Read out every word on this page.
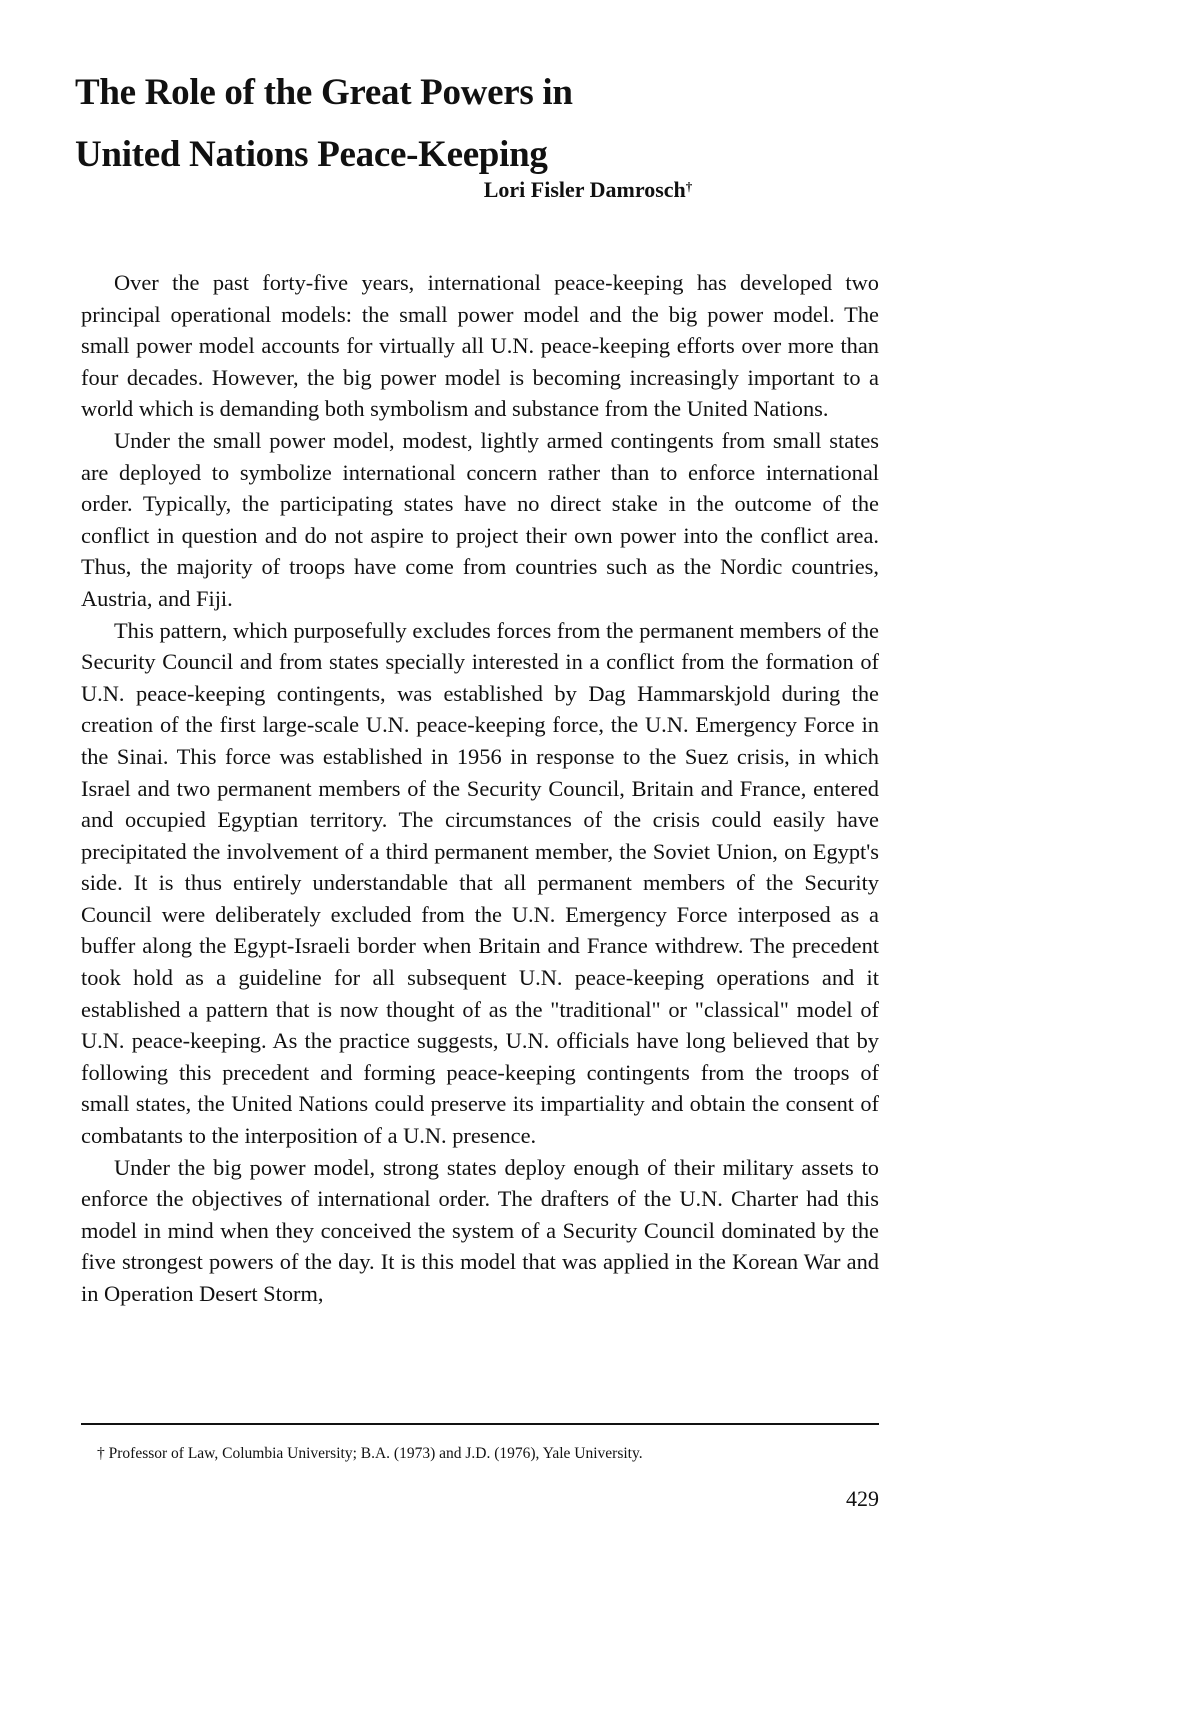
The Role of the Great Powers in
United Nations Peace-Keeping
Lori Fisler Damrosch†

Over the past forty-five years, international peace-keeping has developed two principal operational models: the small power model and the big power model. The small power model accounts for virtually all U.N. peace-keeping efforts over more than four decades. However, the big power model is becoming increasingly important to a world which is demanding both symbolism and substance from the United Nations.

Under the small power model, modest, lightly armed contingents from small states are deployed to symbolize international concern rather than to enforce international order. Typically, the participating states have no direct stake in the outcome of the conflict in question and do not aspire to project their own power into the conflict area. Thus, the majority of troops have come from countries such as the Nordic countries, Austria, and Fiji.

This pattern, which purposefully excludes forces from the permanent members of the Security Council and from states specially interested in a conflict from the formation of U.N. peace-keeping contingents, was established by Dag Hammarskjold during the creation of the first large-scale U.N. peace-keeping force, the U.N. Emergency Force in the Sinai. This force was established in 1956 in response to the Suez crisis, in which Israel and two permanent members of the Security Council, Britain and France, entered and occupied Egyptian territory. The circumstances of the crisis could easily have precipitated the involvement of a third permanent member, the Soviet Union, on Egypt's side. It is thus entirely understandable that all permanent members of the Security Council were deliberately excluded from the U.N. Emergency Force interposed as a buffer along the Egypt-Israeli border when Britain and France withdrew. The precedent took hold as a guideline for all subsequent U.N. peace-keeping operations and it established a pattern that is now thought of as the "traditional" or "classical" model of U.N. peace-keeping. As the practice suggests, U.N. officials have long believed that by following this precedent and forming peace-keeping contingents from the troops of small states, the United Nations could preserve its impartiality and obtain the consent of combatants to the interposition of a U.N. presence.

Under the big power model, strong states deploy enough of their military assets to enforce the objectives of international order. The drafters of the U.N. Charter had this model in mind when they conceived the system of a Security Council dominated by the five strongest powers of the day. It is this model that was applied in the Korean War and in Operation Desert Storm,

† Professor of Law, Columbia University; B.A. (1973) and J.D. (1976), Yale University.
429
